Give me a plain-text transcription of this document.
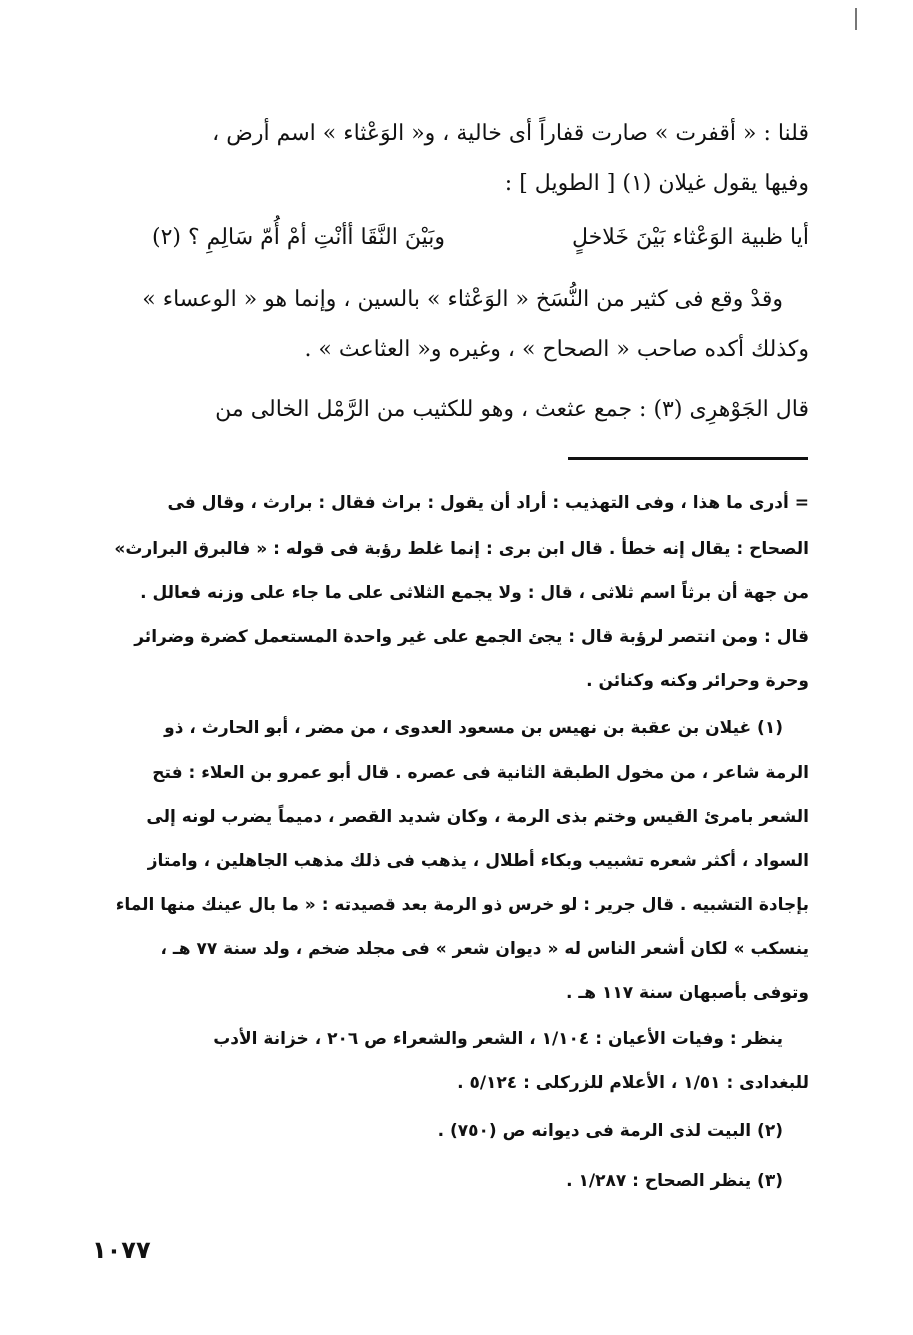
قلنا : « أقفرت » صارت قفاراً أى خالية ، و« الوَعْثاء » اسم أرض ،
وفيها يقول غيلان (١) [ الطويل ] :
أيا ظبية الوَعْثاء بَيْنَ خَلاخلٍ
وبَيْنَ النَّقَا أأنْتِ أمْ أُمّ سَالِمِ ؟ (٢)
وقدْ وقع فى كثير من النُّسَخ « الوَعْثاء » بالسين ، وإنما هو « الوعساء »
وكذلك أكده صاحب « الصحاح » ، وغيره و« العثاعث » .
قال الجَوْهرِى (٣) : جمع عثعث ، وهو للكثيب من الرَّمْل الخالى من
= أدرى ما هذا ، وفى التهذيب : أراد أن يقول : براث فقال : برارث ، وقال فى
الصحاح : يقال إنه خطأ . قال ابن برى : إنما غلط رؤبة فى قوله : « فالبرق البرارث»
من جهة أن برثاً اسم ثلاثى ، قال : ولا يجمع الثلاثى على ما جاء على وزنه فعالل .
قال : ومن انتصر لرؤبة قال : يجئ الجمع على غير واحدة المستعمل كضرة وضرائر
وحرة وحرائر وكنه وكنائن .
(١) غيلان بن عقبة بن نهيس بن مسعود العدوى ، من مضر ، أبو الحارث ، ذو
الرمة شاعر ، من مخول الطبقة الثانية فى عصره . قال أبو عمرو بن العلاء : فتح
الشعر بامرئ القيس وختم بذى الرمة ، وكان شديد القصر ، دميماً يضرب لونه إلى
السواد ، أكثر شعره تشبيب وبكاء أطلال ، يذهب فى ذلك مذهب الجاهلين ، وامتاز
بإجادة التشبيه . قال جرير : لو خرس ذو الرمة بعد قصيدته : « ما بال عينك منها الماء
ينسكب » لكان أشعر الناس له « ديوان شعر » فى مجلد ضخم ، ولد سنة ٧٧ هـ ،
وتوفى بأصبهان سنة ١١٧ هـ .
ينظر : وفيات الأعيان : ١/١٠٤ ، الشعر والشعراء ص ٢٠٦ ، خزانة الأدب
للبغدادى : ١/٥١ ، الأعلام للزركلى : ٥/١٢٤ .
(٢) البيت لذى الرمة فى ديوانه ص (٧٥٠) .
(٣) ينظر الصحاح : ١/٢٨٧ .
١٠٧٧
